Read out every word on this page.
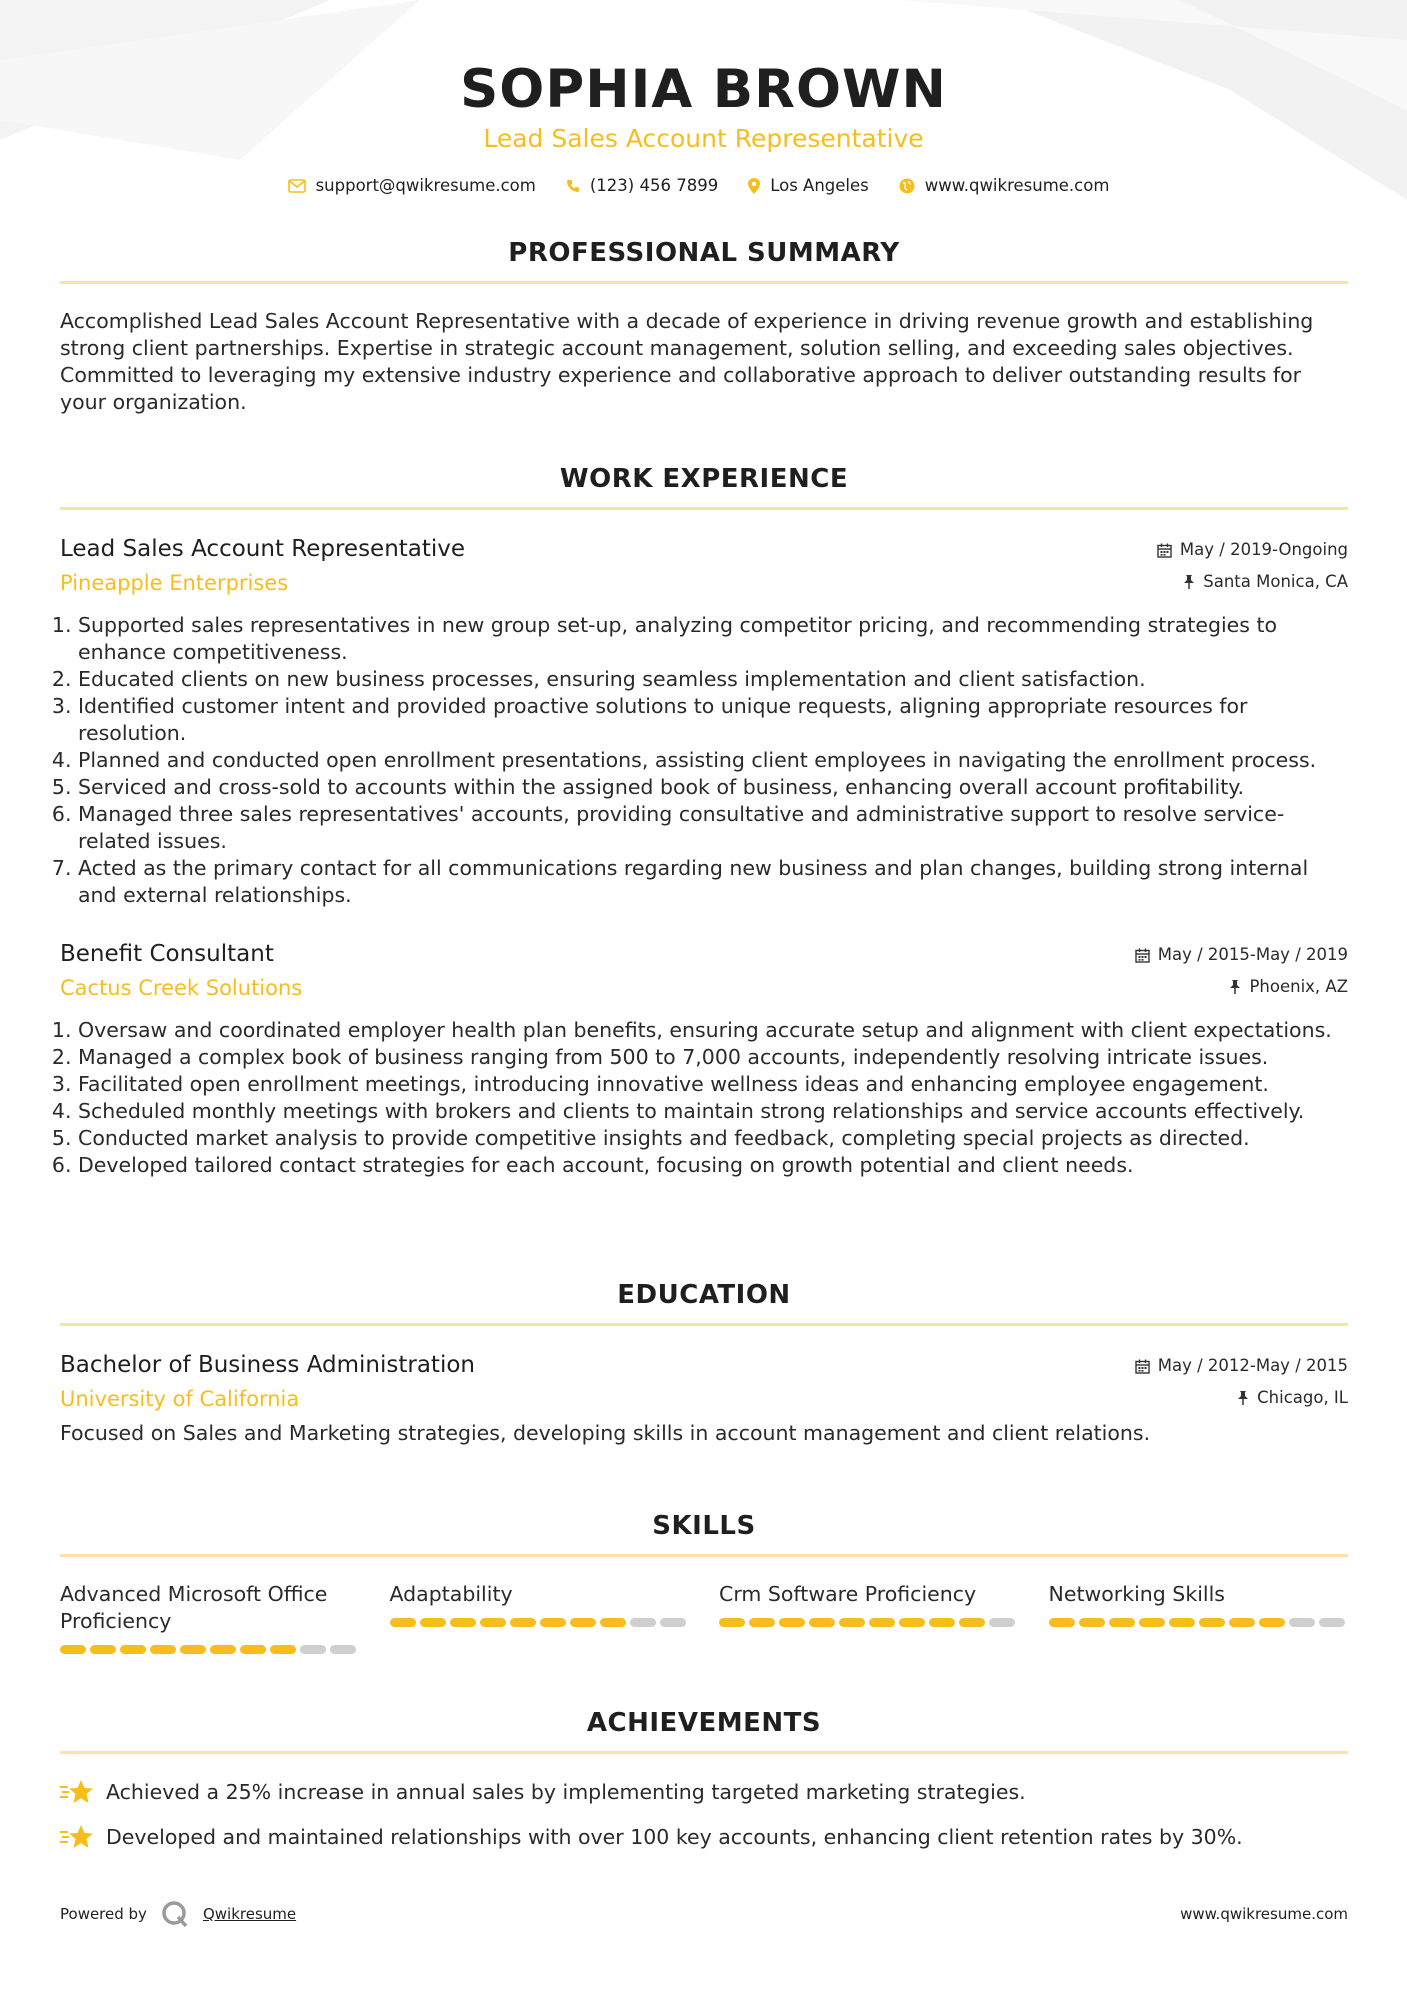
SOPHIA BROWN
Lead Sales Account Representative
support@qwikresume.com	(123) 456 7899	Los Angeles	www.qwikresume.com
PROFESSIONAL SUMMARY
Accomplished Lead Sales Account Representative with a decade of experience in driving revenue growth and establishing strong client partnerships. Expertise in strategic account management, solution selling, and exceeding sales objectives. Committed to leveraging my extensive industry experience and collaborative approach to deliver outstanding results for your organization.
WORK EXPERIENCE
Lead Sales Account Representative
Pineapple Enterprises
May / 2019-Ongoing
Santa Monica, CA
1. Supported sales representatives in new group set-up, analyzing competitor pricing, and recommending strategies to enhance competitiveness.
2. Educated clients on new business processes, ensuring seamless implementation and client satisfaction.
3. Identified customer intent and provided proactive solutions to unique requests, aligning appropriate resources for resolution.
4. Planned and conducted open enrollment presentations, assisting client employees in navigating the enrollment process.
5. Serviced and cross-sold to accounts within the assigned book of business, enhancing overall account profitability.
6. Managed three sales representatives' accounts, providing consultative and administrative support to resolve service-related issues.
7. Acted as the primary contact for all communications regarding new business and plan changes, building strong internal and external relationships.
Benefit Consultant
Cactus Creek Solutions
May / 2015-May / 2019
Phoenix, AZ
1. Oversaw and coordinated employer health plan benefits, ensuring accurate setup and alignment with client expectations.
2. Managed a complex book of business ranging from 500 to 7,000 accounts, independently resolving intricate issues.
3. Facilitated open enrollment meetings, introducing innovative wellness ideas and enhancing employee engagement.
4. Scheduled monthly meetings with brokers and clients to maintain strong relationships and service accounts effectively.
5. Conducted market analysis to provide competitive insights and feedback, completing special projects as directed.
6. Developed tailored contact strategies for each account, focusing on growth potential and client needs.
EDUCATION
Bachelor of Business Administration
University of California
May / 2012-May / 2015
Chicago, IL
Focused on Sales and Marketing strategies, developing skills in account management and client relations.
SKILLS
Advanced Microsoft Office Proficiency
Adaptability	Crm Software Proficiency	Networking Skills
ACHIEVEMENTS
Achieved a 25% increase in annual sales by implementing targeted marketing strategies.
Developed and maintained relationships with over 100 key accounts, enhancing client retention rates by 30%.
Powered by	Qwikresume	www.qwikresume.com
